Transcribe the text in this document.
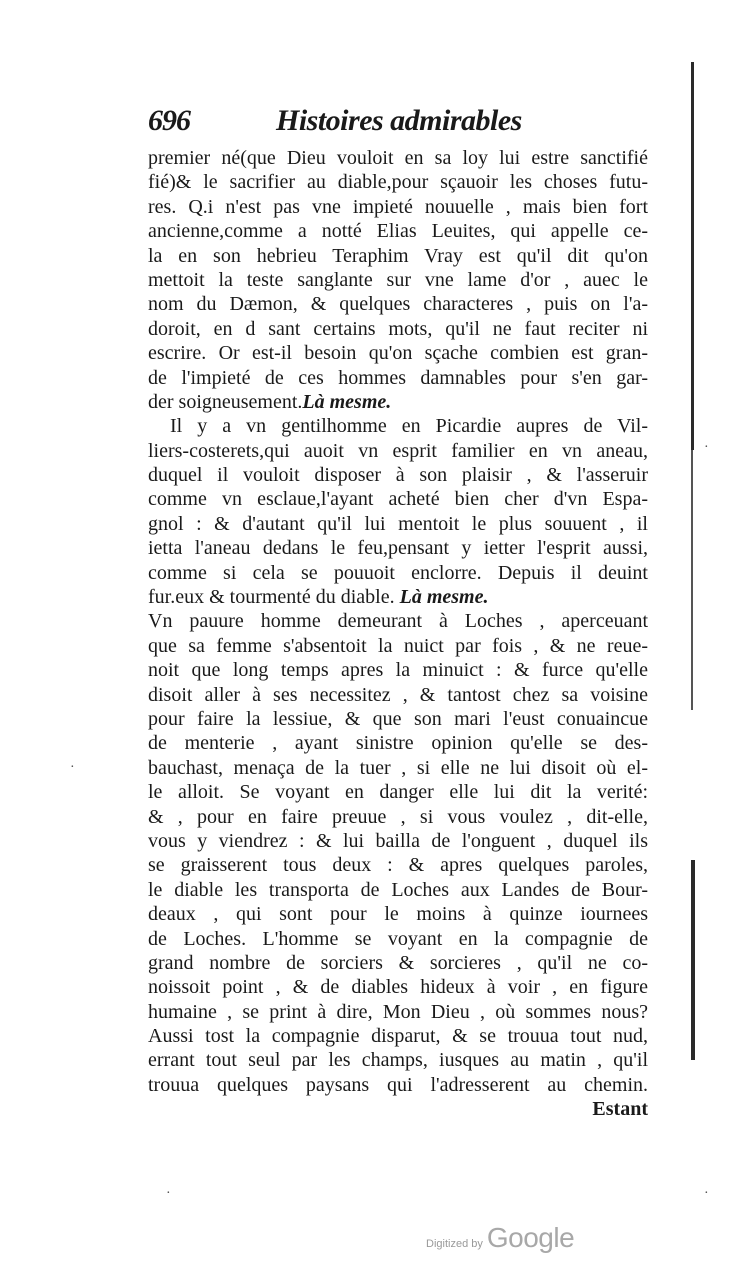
·
·
·	·
696	Histoires admirables
premier né(que Dieu vouloit en sa loy lui estre sanctifié
fié)& le sacrifier au diable,pour sçauoir les choses futu-
res. Q.i n'est pas vne impieté nouuelle , mais bien fort
ancienne,comme a notté Elias Leuites, qui appelle ce-
la en son hebrieu Teraphim Vray est qu'il dit qu'on
mettoit la teste sanglante sur vne lame d'or , auec le
nom du Dæmon, & quelques characteres , puis on l'a-
doroit, en d sant certains mots, qu'il ne faut reciter ni
escrire. Or est-il besoin qu'on sçache combien est gran-
de l'impieté de ces hommes damnables pour s'en gar-
der soigneusement.Là mesme.
Il y a vn gentilhomme en Picardie aupres de Vil-
liers-costerets,qui auoit vn esprit familier en vn aneau,
duquel il vouloit disposer à son plaisir , & l'asseruir
comme vn esclaue,l'ayant acheté bien cher d'vn Espa-
gnol : & d'autant qu'il lui mentoit le plus souuent , il
ietta l'aneau dedans le feu,pensant y ietter l'esprit aussi,
comme si cela se pouuoit enclorre. Depuis il deuint
fur.eux & tourmenté du diable. Là mesme.
Vn pauure homme demeurant à Loches , aperceuant
que sa femme s'absentoit la nuict par fois , & ne reue-
noit que long temps apres la minuict : & furce qu'elle
disoit aller à ses necessitez , & tantost chez sa voisine
pour faire la lessiue, & que son mari l'eust conuaincue
de menterie , ayant sinistre opinion qu'elle se des-
bauchast, menaça de la tuer , si elle ne lui disoit où el-
le alloit. Se voyant en danger elle lui dit la verité:
& , pour en faire preuue , si vous voulez , dit-elle,
vous y viendrez : & lui bailla de l'onguent , duquel ils
se graisserent tous deux : & apres quelques paroles,
le diable les transporta de Loches aux Landes de Bour-
deaux , qui sont pour le moins à quinze iournees
de Loches. L'homme se voyant en la compagnie de
grand nombre de sorciers & sorcieres , qu'il ne co-
noissoit point , & de diables hideux à voir , en figure
humaine , se print à dire, Mon Dieu , où sommes nous?
Aussi tost la compagnie disparut, & se trouua tout nud,
errant tout seul par les champs, iusques au matin , qu'il
trouua quelques paysans qui l'adresserent au chemin.
Estant
Digitized by Google
